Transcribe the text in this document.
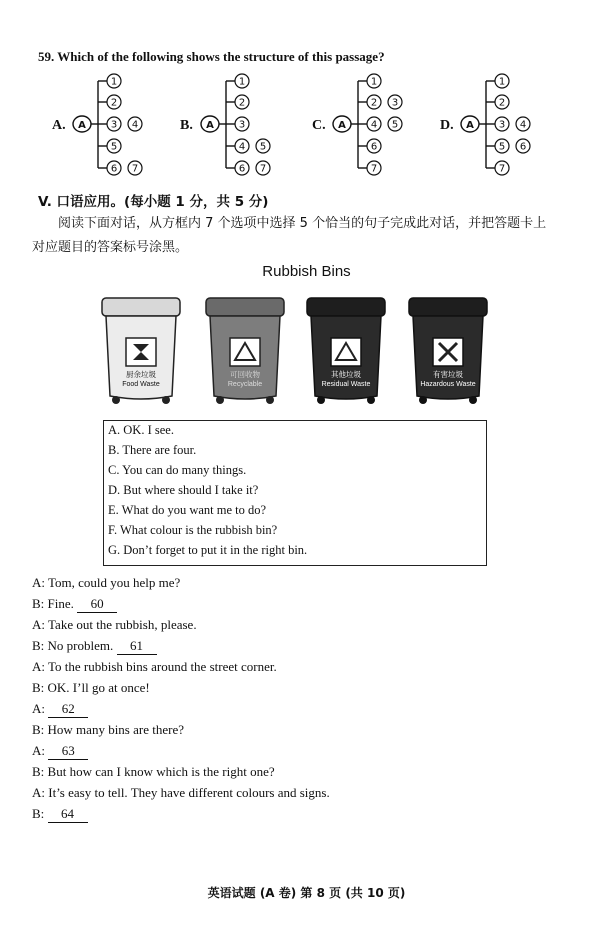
59. Which of the following shows the structure of this passage?
A. A
1
2
3 4
5
6 7
B. A
1
2
3
4 5
6 7
C. A
1
2 3
4 5
6
7
D. A
1
2
3 4
5 6
7
V. 口语应用。(每小题 1 分，共 5 分)
阅读下面对话，从方框内 7 个选项中选择 5 个恰当的句子完成此对话，并把答题卡上
对应题目的答案标号涂黑。
Rubbish Bins
厨余垃圾
Food Waste
可回收物
Recyclable
其他垃圾
Residual Waste
有害垃圾
Hazardous Waste
A. OK. I see.
B. There are four.
C. You can do many things.
D. But where should I take it?
E. What do you want me to do?
F. What colour is the rubbish bin?
G. Don’t forget to put it in the right bin.
A: Tom, could you help me?
B: Fine. 60
A: Take out the rubbish, please.
B: No problem. 61
A: To the rubbish bins around the street corner.
B: OK. I’ll go at once!
A: 62
B: How many bins are there?
A: 63
B: But how can I know which is the right one?
A: It’s easy to tell. They have different colours and signs.
B: 64
英语试题 (A 卷) 第 8 页 (共 10 页)
